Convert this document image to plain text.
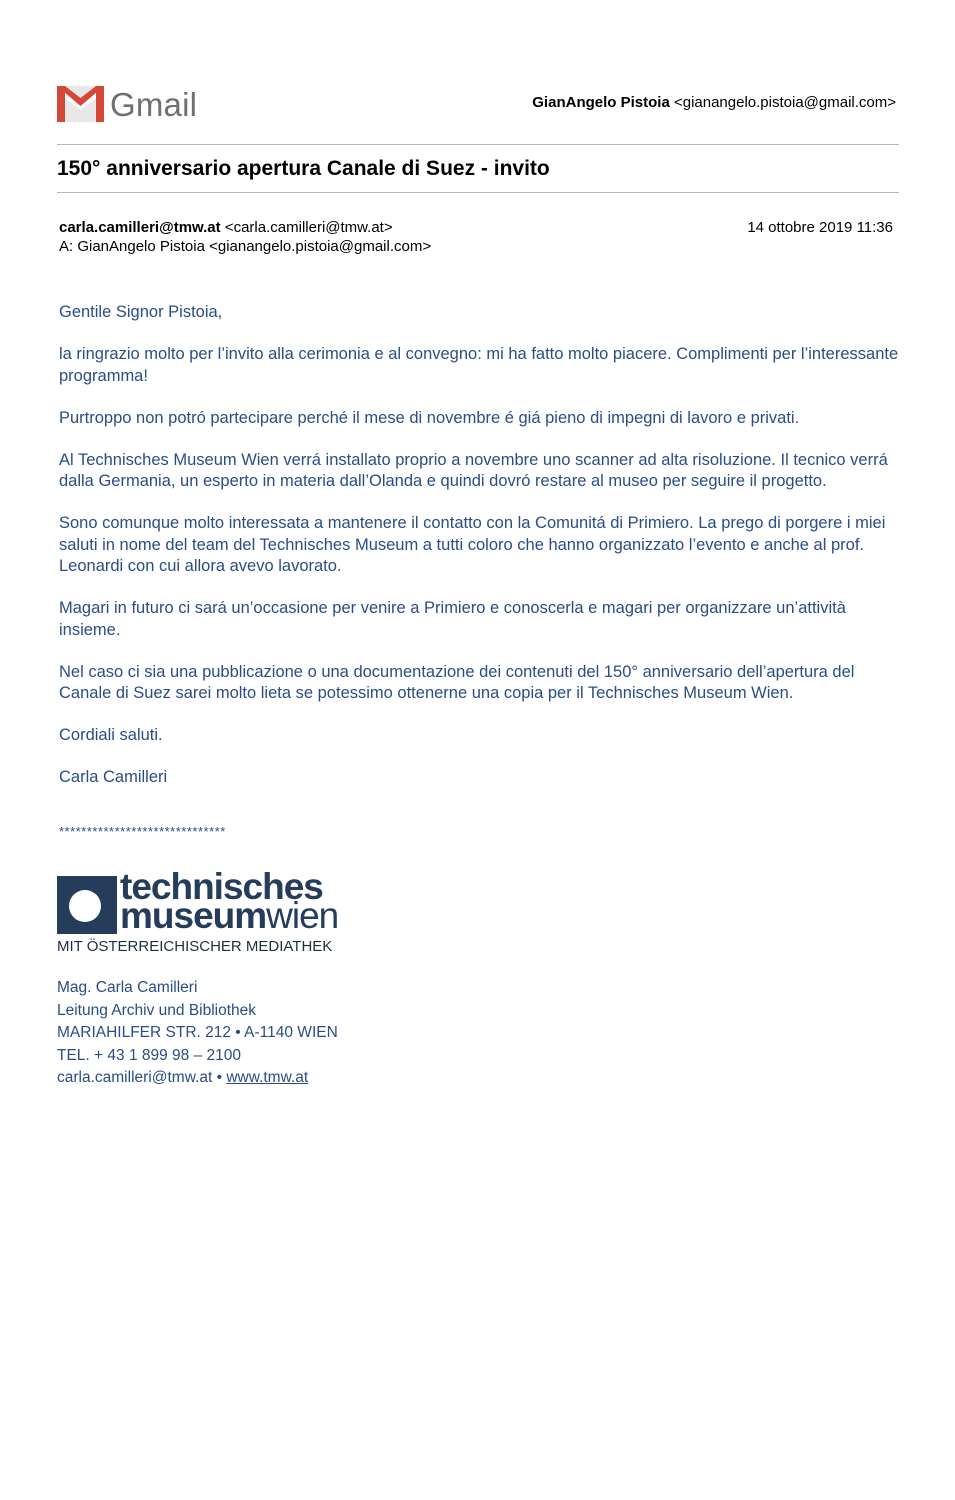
Gmail	GianAngelo Pistoia <gianangelo.pistoia@gmail.com>
150° anniversario apertura Canale di Suez - invito
carla.camilleri@tmw.at <carla.camilleri@tmw.at>
A: GianAngelo Pistoia <gianangelo.pistoia@gmail.com>
14 ottobre 2019 11:36

Gentile Signor Pistoia,

la ringrazio molto per l’invito alla cerimonia e al convegno: mi ha fatto molto piacere. Complimenti per l’interessante programma!

Purtroppo non potró partecipare perché il mese di novembre é giá pieno di impegni di lavoro e privati.

Al Technisches Museum Wien verrá installato proprio a novembre uno scanner ad alta risoluzione. Il tecnico verrá dalla Germania, un esperto in materia dall’Olanda e quindi dovró restare al museo per seguire il progetto.

Sono comunque molto interessata a mantenere il contatto con la Comunitá di Primiero. La prego di porgere i miei saluti in nome del team del Technisches Museum a tutti coloro che hanno organizzato l’evento e anche al prof. Leonardi con cui allora avevo lavorato.

Magari in futuro ci sará un’occasione per venire a Primiero e conoscerla e magari per organizzare un’attività insieme.

Nel caso ci sia una pubblicazione o una documentazione dei contenuti del 150° anniversario dell’apertura del Canale di Suez sarei molto lieta se potessimo ottenerne una copia per il Technisches Museum Wien.

Cordiali saluti.

Carla Camilleri

******************************
technisches
museumwien
MIT ÖSTERREICHISCHER MEDIATHEK
Mag. Carla Camilleri
Leitung Archiv und Bibliothek
MARIAHILFER STR. 212 • A-1140 WIEN
TEL. + 43 1 899 98 – 2100
carla.camilleri@tmw.at • www.tmw.at
